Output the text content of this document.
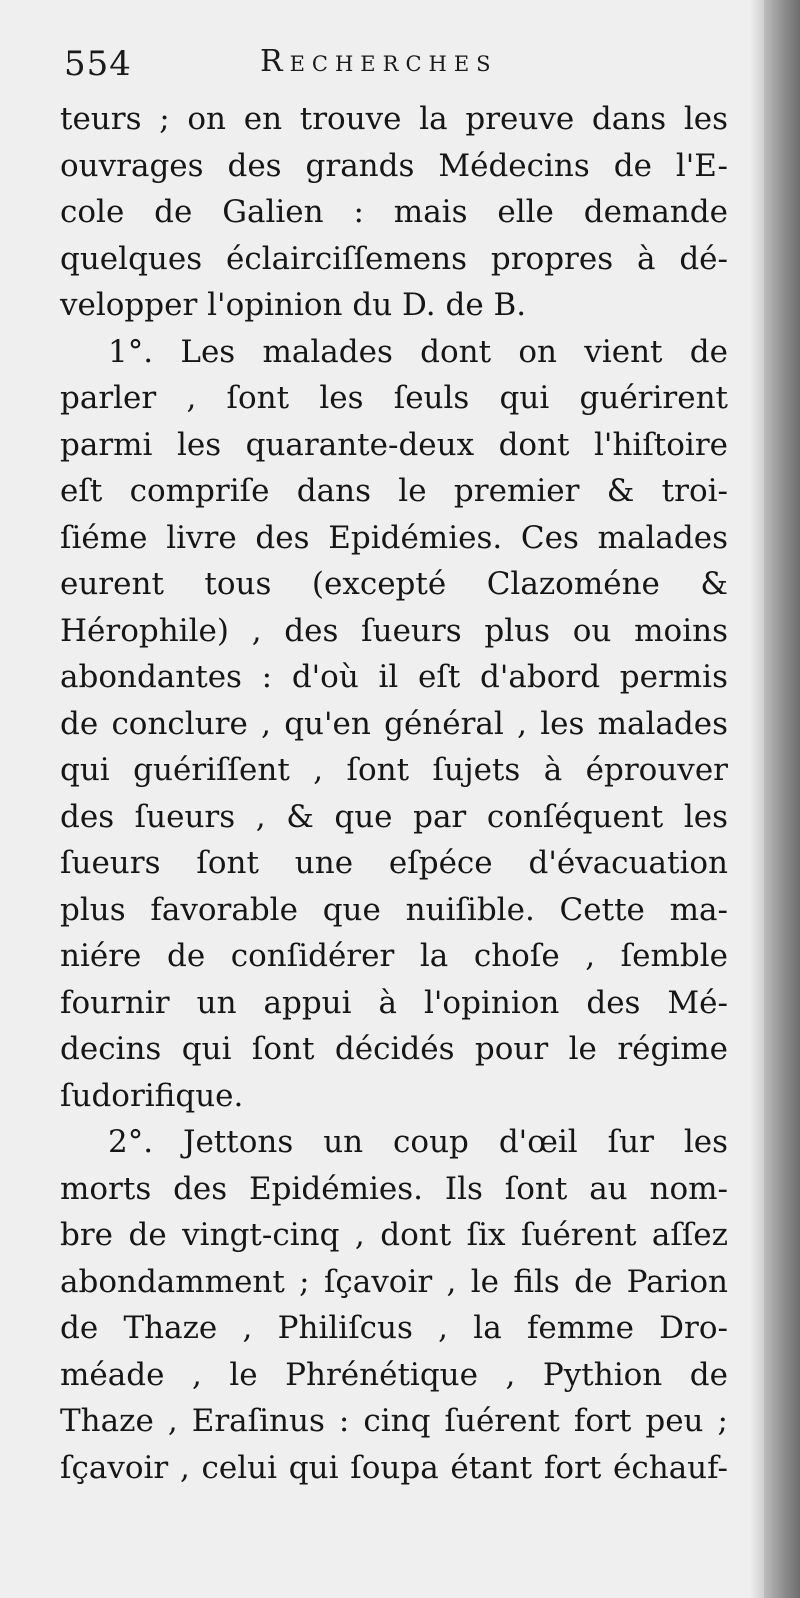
554	Recherches
teurs ; on en trouve la preuve dans les
ouvrages des grands Médecins de l'E-
cole de Galien : mais elle demande
quelques éclairciſſemens propres à dé-
velopper l'opinion du D. de B.
1°. Les malades dont on vient de
parler , ſont les ſeuls qui guérirent
parmi les quarante-deux dont l'hiſtoire
eſt compriſe dans le premier & troi-
ſiéme livre des Epidémies. Ces malades
eurent tous (excepté Clazoméne &
Hérophile) , des ſueurs plus ou moins
abondantes : d'où il eſt d'abord permis
de conclure , qu'en général , les malades
qui guériſſent , ſont ſujets à éprouver
des ſueurs , & que par conſéquent les
ſueurs ſont une eſpéce d'évacuation
plus favorable que nuiſible. Cette ma-
niére de conſidérer la choſe , ſemble
fournir un appui à l'opinion des Mé-
decins qui ſont décidés pour le régime
ſudorifique.
2°. Jettons un coup d'œil ſur les
morts des Epidémies. Ils ſont au nom-
bre de vingt-cinq , dont ſix ſuérent aſſez
abondamment ; ſçavoir , le fils de Parion
de Thaze , Philiſcus , la femme Dro-
méade , le Phrénétique , Pythion de
Thaze , Eraſinus : cinq ſuérent fort peu ;
ſçavoir , celui qui ſoupa étant fort échauf-
